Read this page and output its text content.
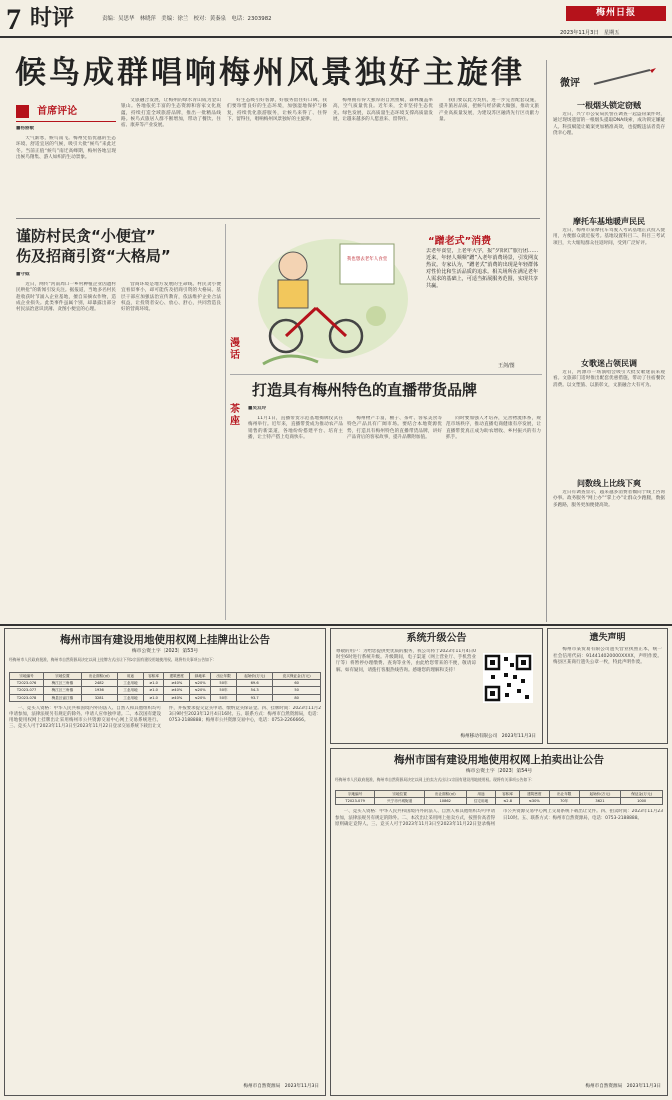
7 时评	责编：吴思华　林晓萍　美编：徐兰　校对：黄秦泉　电话：2303982
梅州日报
2023年11月3日　星期五
候鸟成群唱响梅州风景独好主旋律
首席评论
■杨丽敏

天气渐寒，候鸟南飞。梅州凭借优越的生态环境、舒适宜居的气候，吸引大批“候鸟”来此过冬。当前正值“候鸟”南迁高峰期，梅州各地呈现出候鸟翔集、游人如织的生动景象。

文旅融合发展，让梅州的绿水青山成为金山银山。各地依托丰富的生态资源和客家文化底蕴，持续打造全域旅游品牌，推出一批精品线路。候鸟式旅居人群不断增加，带动了餐饮、住宿、康养等产业发展。

好生态吸引好客源，好服务留住好口碑。我们要珍惜良好的生态环境，加强湿地保护与修复，持续优化旅游服务，让候鸟来得了、住得下、留得住，唱响梅州风景独好的主旋律。

梅州拥有得天独厚的自然禀赋，森林覆盖率高，空气质量优良。近年来，全市坚持生态优先、绿色发展，以高质量生态环境支撑高质量发展，让越来越多的人愿意来、留得住。

我们要以此为契机，进一步完善配套设施，提升旅居品质，把候鸟经济做大做强，推动文旅产业高质量发展，为建设苏区融湾先行区贡献力量。

微评
一根烟头锁定窃贼

近日，兴宁市公安局民警在调查一起盗窃案件时，通过现场遗留的一根烟头提取DNA线索，成功锁定嫌疑人。科技赋能让破案更加精准高效，也提醒违法者莫存侥幸心理。

摩托车基地暖声民民

近日，梅州市某摩托车驾驶人考试基地正式投入使用，方便群众就近报考。基地设置科目二、科目三考试项目，大大缩短群众往返时间，受到广泛好评。

女歌迷占领民调

近日，河源市一场演唱会吸引大批女歌迷前来观看。文旅部门适时推出配套优惠措施，带动了住宿餐饮消费。以文塑旅、以旅彰文，文旅融合大有可为。

问数线上比线下爽

近日有调查显示，越来越多消费者倾向于线上咨询办事。政务服务“网上办”“掌上办”让群众少跑腿，数据多跑路，服务更加便捷高效。

谨防村民贪“小便宜”
伤及招商引资“大格局”
■守钺

近日，网传“河南周口一乡村种植企业因遭村民哄抢”的新闻引发关注。据报道，当地多名村民趁收获时节涌入企业基地，擅自采摘农作物，造成企业损失。此类事件虽属个别，却暴露出部分村民法治意识淡薄、贪图小便宜的心理。

营商环境是地方发展的生命线。村民贪小便宜看似事小，却可能伤及招商引资的大格局。基层干部应加强法治宣传教育，依法维护企业合法权益，让投资者安心、放心、舒心，共同营造良好的营商环境。

漫话
我也想去老年人食堂
“蹭老式”消费
去老年食堂，上老年大学，报“夕阳红”旅行团……近来，年轻人频频“蹭”入老年消费场景，引发网友热议。专家认为，“蹭老式”消费的出现是年轻群体对性价比和生活品质的追求。相关场所在满足老年人需求的基础上，可适当拓展服务范围，实现共享共赢。
王剑/图
打造具有梅州特色的直播带货品牌
茶座
■吴双玲

11月1日，直播带货示范基地揭牌仪式在梅州举行。近年来，直播带货成为推动农产品销售的新渠道，各地纷纷搭建平台、培育主播，让土特产搭上电商快车。

梅州物产丰富，柚子、茶叶、客家美食等特色产品具有广阔市场。要结合本地资源优势，打造具有梅州特色的直播带货品牌，讲好产品背后的客家故事，提升品牌附加值。

同时要加强人才培养，完善物流体系，规范市场秩序，推动直播电商健康有序发展，让直播带货真正成为助农增收、乡村振兴的有力抓手。

梅州市国有建设用地使用权网上挂牌出让公告
梅市公资土字〔2023〕第53号
经梅州市人民政府批准，梅州市自然资源局决定以网上挂牌方式出让下列2宗国有建设用地使用权。现将有关事项公告如下：
宗地编号	宗地位置	出让面积(㎡)	用途	容积率	建筑密度	绿地率	出让年限	起始价(万元)	竞买保证金(万元)
T2023-076	梅江区三角镇	2482	工业用地	≥1.0	≥40%	≤20%	50年	69.6	60
T2023-077	梅江区三角镇	1936	工业用地	≥1.0	≥40%	≤20%	50年	54.3	50
T2023-078	梅县区畲江镇	3281	工业用地	≥1.0	≥40%	≤20%	50年	93.7	80

一、竞买人资格：中华人民共和国境内外的法人、自然人和其他组织均可申请参加，法律法规另有规定的除外。申请人应单独申请。二、本次国有建设用地使用权网上挂牌出让采用梅州市公共资源交易中心网上交易系统进行。三、竞买人可于2023年11月3日至2023年11月22日登录交易系统下载出让文件，并按要求提交竞买申请、缴纳竞买保证金。四、挂牌时间：2023年11月23日9时至2023年12月4日16时。五、联系方式：梅州市自然资源局，电话：0753-2188888；梅州市公共资源交易中心，电话：0753-2266666。

梅州市自然资源局　2023年11月3日
系统升级公告
尊敬的用户：为给您提供更优质的服务，我公司将于2023年11月4日0时至6时进行系统升级。升级期间，电子渠道（网上营业厅、手机营业厅等）将暂停办理缴费、查询等业务，由此给您带来的不便，敬请谅解。如有疑问，请拨打客服热线咨询。感谢您的理解和支持！
梅州移动有限公司　2023年11月3日
遗失声明

梅州市某贸易有限公司遗失营业执照正本，统一社会信用代码：914414020000XXXX，声明作废。梅县区某商行遗失公章一枚，特此声明作废。

梅州市国有建设用地使用权网上拍卖出让公告
梅市公资土字〔2023〕第54号
经梅州市人民政府批准，梅州市自然资源局决定以网上拍卖方式出让1宗国有建设用地使用权。现将有关事项公告如下：
宗地编号	宗地位置	出让面积(㎡)	用途	容积率	建筑密度	出让年限	起始价(万元)	保证金(万元)
T2023-079	兴宁市兴城街道	10862	住宅用地	≤2.8	≤30%	70年	3621	1000

一、竞买人资格：中华人民共和国境内外的法人、自然人和其他组织均可申请参加，法律法规另有规定的除外。二、本次出让采用网上拍卖方式，按照价高者得原则确定竞得人。三、竞买人可于2023年11月3日至2023年11月22日登录梅州市公共资源交易中心网上交易系统下载出让文件。四、拍卖时间：2023年11月23日10时。五、联系方式：梅州市自然资源局，电话：0753-2188888。

梅州市自然资源局　2023年11月3日
